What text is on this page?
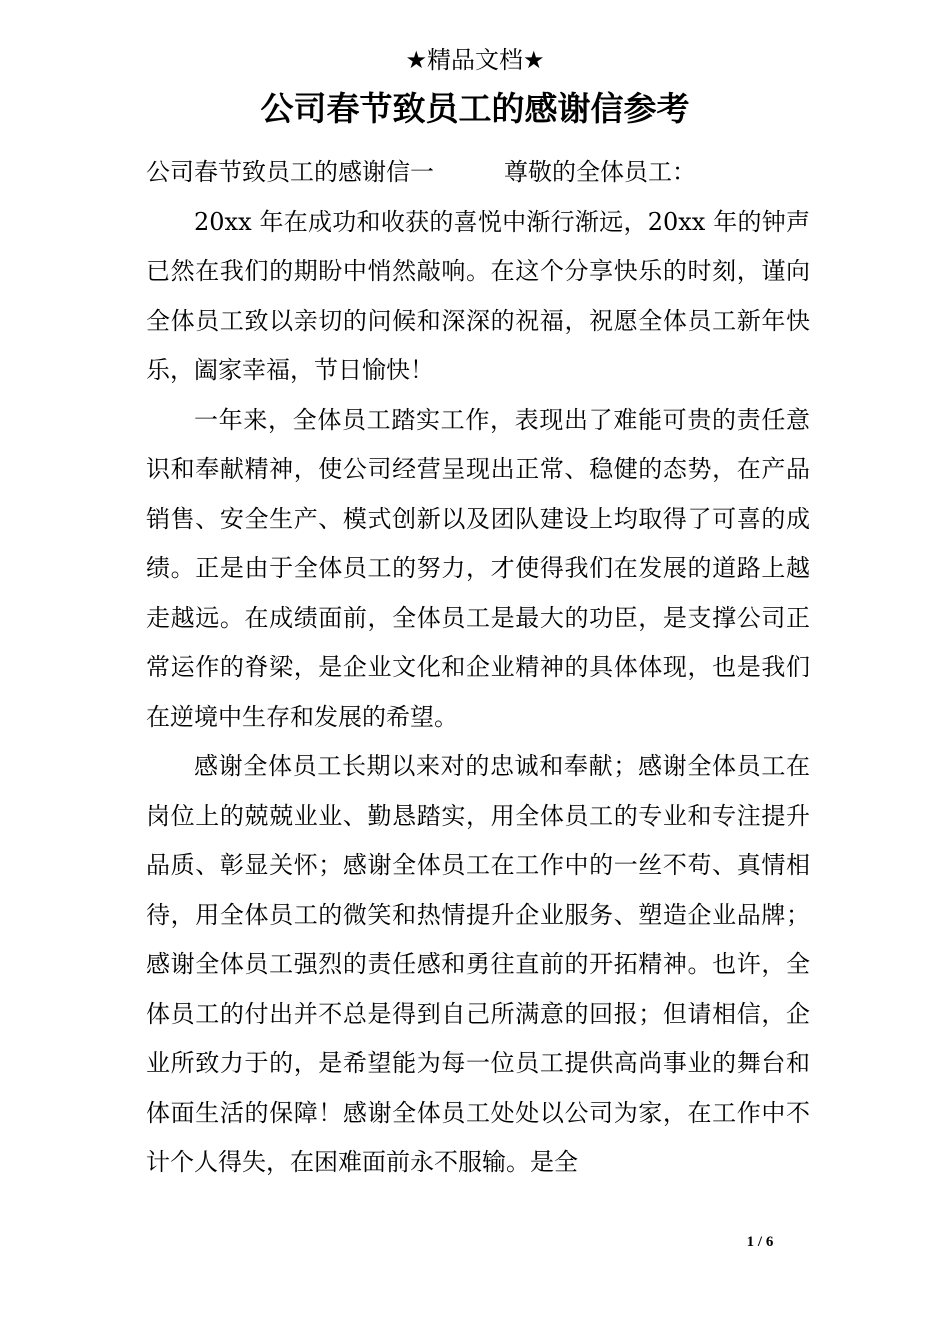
★精品文档★
公司春节致员工的感谢信参考

公司春节致员工的感谢信一	尊敬的全体员工：

20xx 年在成功和收获的喜悦中渐行渐远，20xx 年的钟声已然在我们的期盼中悄然敲响。在这个分享快乐的时刻，谨向全体员工致以亲切的问候和深深的祝福，祝愿全体员工新年快乐，阖家幸福，节日愉快！

一年来，全体员工踏实工作，表现出了难能可贵的责任意识和奉献精神，使公司经营呈现出正常、稳健的态势，在产品销售、安全生产、模式创新以及团队建设上均取得了可喜的成绩。正是由于全体员工的努力，才使得我们在发展的道路上越走越远。在成绩面前，全体员工是最大的功臣，是支撑公司正常运作的脊梁，是企业文化和企业精神的具体体现，也是我们在逆境中生存和发展的希望。

感谢全体员工长期以来对的忠诚和奉献；感谢全体员工在岗位上的兢兢业业、勤恳踏实，用全体员工的专业和专注提升品质、彰显关怀；感谢全体员工在工作中的一丝不苟、真情相待，用全体员工的微笑和热情提升企业服务、塑造企业品牌；感谢全体员工强烈的责任感和勇往直前的开拓精神。也许，全体员工的付出并不总是得到自己所满意的回报；但请相信，企业所致力于的，是希望能为每一位员工提供高尚事业的舞台和体面生活的保障！感谢全体员工处处以公司为家，在工作中不计个人得失，在困难面前永不服输。是全

1 / 6
